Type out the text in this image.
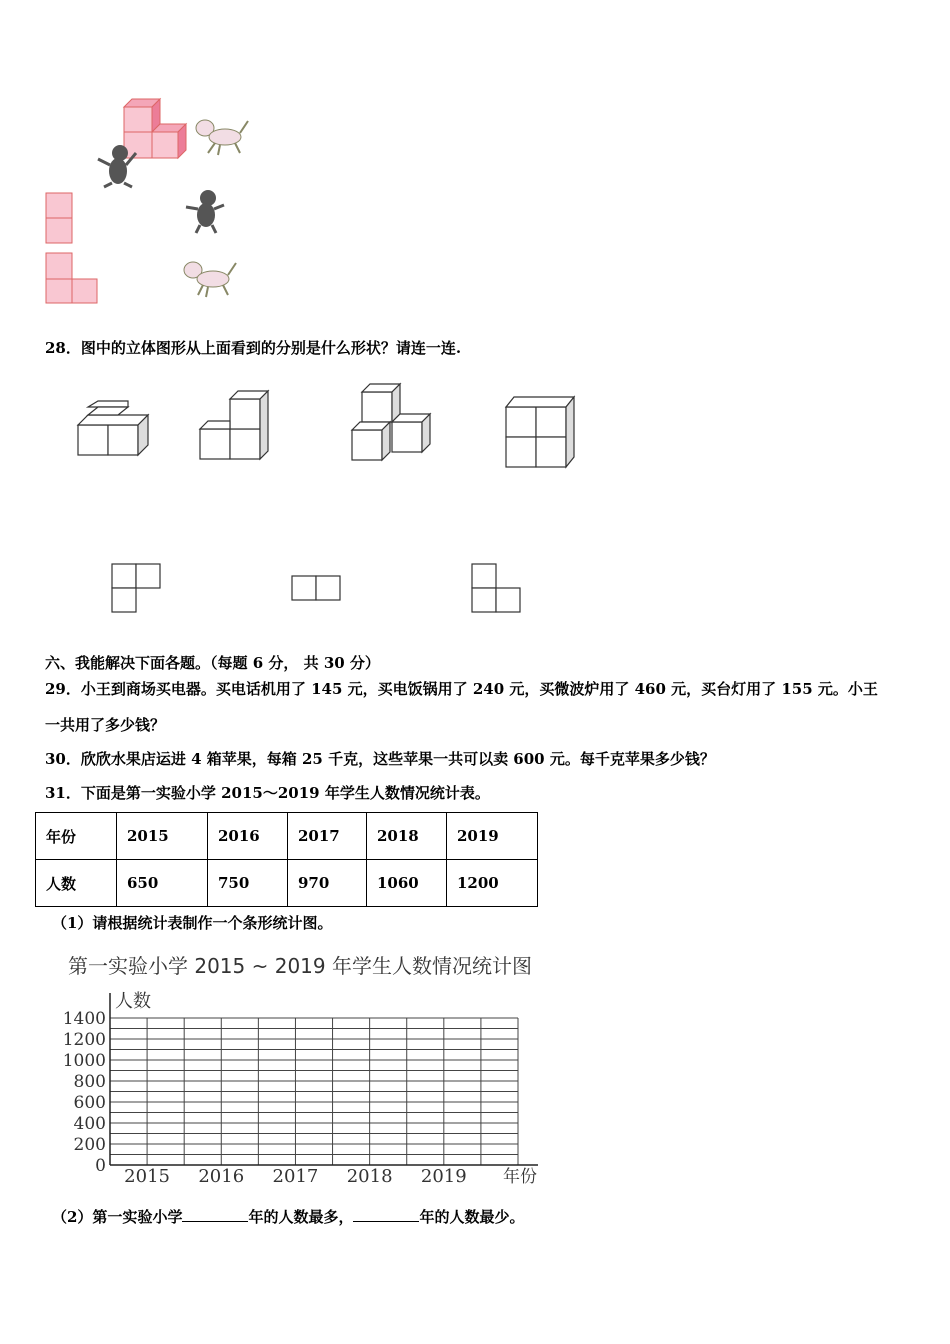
28．图中的立体图形从上面看到的分别是什么形状？请连一连.
六、我能解决下面各题。（每题 6 分， 共 30 分）
29．小王到商场买电器。买电话机用了 145 元，买电饭锅用了 240 元，买微波炉用了 460 元，买台灯用了 155 元。小王
一共用了多少钱？
30．欣欣水果店运进 4 箱苹果，每箱 25 千克，这些苹果一共可以卖 600 元。每千克苹果多少钱？
31．下面是第一实验小学 2015～2019 年学生人数情况统计表。
年份	2015	2016	2017	2018	2019
人数	650	750	970	1060	1200
（1）请根据统计表制作一个条形统计图。
第一实验小学 2015 ~ 2019 年学生人数情况统计图
0
200
400
600
800
1000
1200
1400
2015 2016 2017 2018 2019
人数
年份
（2）第一实验小学	年的人数最多，	年的人数最少。
